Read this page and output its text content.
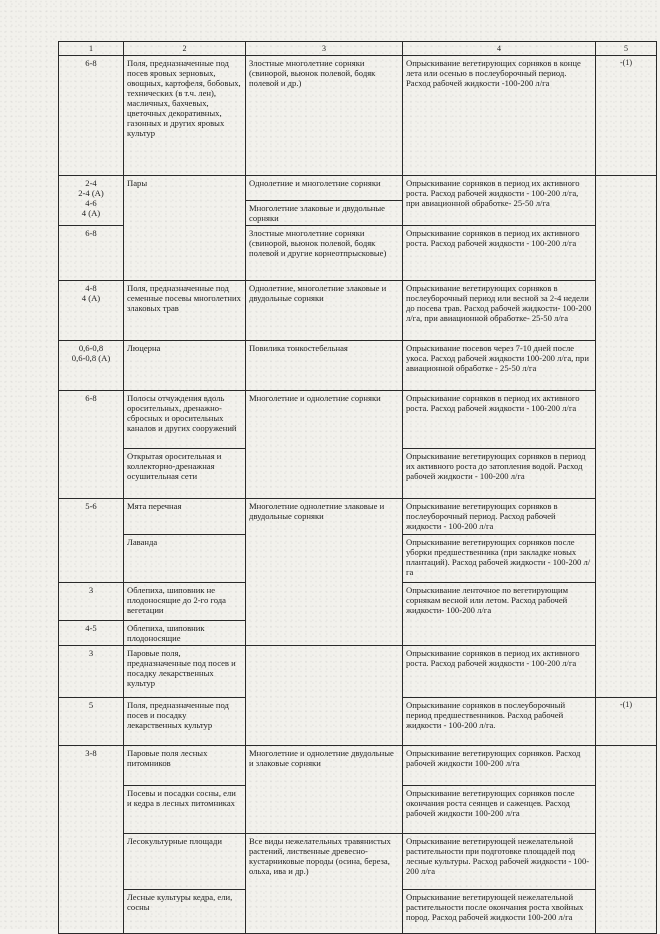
1	2	3	4	5	

6-8	Поля, предназначенные под посев яровых зерновых, овощных, картофеля, бобовых, технических (в т.ч. лен), масличных, бахчевых, цветочных декоративных, газонных и других яровых культур	Злостные многолетние сорняки (свинорой, вьюнок полевой, бодяк полевой и др.)	Опрыскивание вегетирующих сорняков в конце лета или осенью в послеуборочный период. Расход рабочей жидкости -100-200 л/га	-(1)	

2-4
2-4 (А)
4-6
4 (А)	Пары	Однолетние и многолетние сорняки	Опрыскивание сорняков в период их активного роста. Расход рабочей жидкости - 100-200 л/га, при авиационной обработке- 25-50 л/га		
		Многолетние злаковые и двудольные сорняки			

6-8		Злостные многолетние сорняки (свинорой, вьюнок полевой, бодяк полевой и другие корнеотпрысковые)	Опрыскивание сорняков в период их активного роста. Расход рабочей жидкости - 100-200 л/га		

4-8
4 (А)	Поля, предназначенные под семенные посевы многолетних злаковых трав	Однолетние, многолетние злаковые и двудольные сорняки	Опрыскивание вегетирующих сорняков в послеуборочный период или весной за 2-4 недели до посева трав. Расход рабочей жидкости- 100-200 л/га, при авиационной обработке- 25-50 л/га		

0,6-0,8
0,6-0,8 (А)	Люцерна	Повилика тонкостебельная	Опрыскивание посевов через 7-10 дней после укоса. Расход рабочей жидкости 100-200 л/га, при авиационной обработке - 25-50 л/га		

6-8	Полосы отчуждения вдоль оросительных, дренажно-сбросных и оросительных каналов и других сооружений	Многолетние и однолетние сорняки	Опрыскивание сорняков в период их активного роста. Расход рабочей жидкости - 100-200 л/га		
	Открытая оросительная и коллекторно-дренажная осушительная сети		Опрыскивание вегетирующих сорняков в период их активного роста до затопления водой. Расход рабочей жидкости - 100-200 л/га		

5-6	Мята перечная	Многолетние однолетние злаковые и двудольные сорняки	Опрыскивание вегетирующих сорняков в послеуборочный период. Расход рабочей жидкости - 100-200 л/га		
	Лаванда		Опрыскивание вегетирующих сорняков после уборки предшественника (при закладке новых плантаций). Расход рабочей жидкости - 100-200 л/га		

3	Облепиха, шиповник не плодоносящие до 2-го года вегетации		Опрыскивание ленточное по вегетирующим сорнякам весной или летом. Расход рабочей жидкости- 100-200 л/га		

4-5	Облепиха, шиповник плодоносящие				

3	Паровые поля, предназначенные под посев и посадку лекарственных культур		Опрыскивание сорняков в период их активного роста. Расход рабочей жидкости - 100-200 л/га	

5	Поля, предназначенные под посев и посадку лекарственных культур		Опрыскивание сорняков в послеуборочный период предшественников. Расход рабочей жидкости - 100-200 л/га.	-(1)	

3-8	Паровые поля лесных питомников	Многолетние и однолетние двудольные и злаковые сорняки	Опрыскивание вегетирующих сорняков. Расход рабочей жидкости 100-200 л/га		
	Посевы и посадки сосны, ели и кедра в лесных питомниках		Опрыскивание вегетирующих сорняков после окончания роста сеянцев и саженцев. Расход рабочей жидкости 100-200 л/га		
	Лесокультурные площади	Все виды нежелательных травянистых растений, лиственные древесно-кустарниковые породы (осина, береза, ольха, ива и др.)	Опрыскивание вегетирующей нежелательной растительности при подготовке площадей под лесные культуры. Расход рабочей жидкости - 100-200 л/га		
	Лесные культуры кедра, ели, сосны		Опрыскивание вегетирующей нежелательной растительности после окончания роста хвойных пород. Расход рабочей жидкости 100-200 л/га		
